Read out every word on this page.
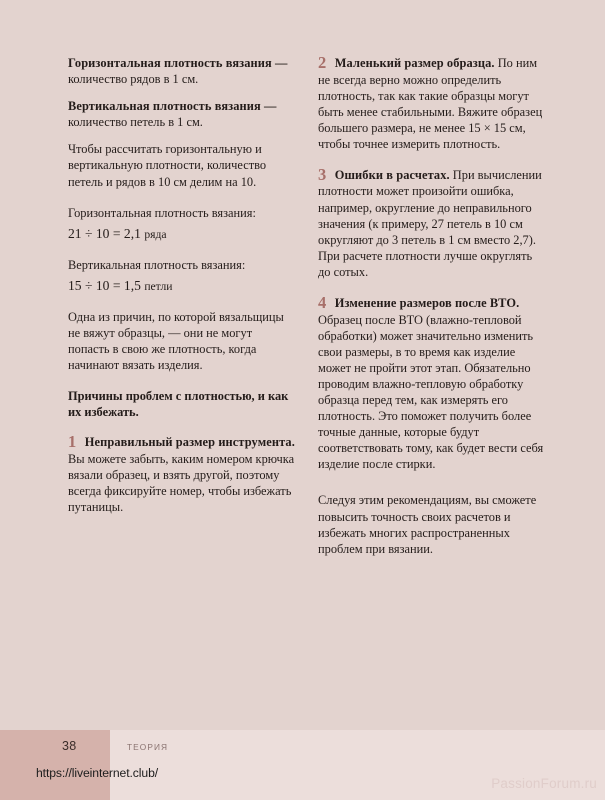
Горизонтальная плотность вязания — количество рядов в 1 см.

Вертикальная плотность вязания — количество петель в 1 см.

Чтобы рассчитать горизонтальную и вертикальную плотности, количество петель и рядов в 10 см делим на 10.

Горизонтальная плотность вязания:

21 ÷ 10 = 2,1 ряда

Вертикальная плотность вязания:

15 ÷ 10 = 1,5 петли

Одна из причин, по которой вязальщицы не вяжут образцы, — они не могут попасть в свою же плотность, когда начинают вязать изделия.

Причины проблем с плотностью, и как их избежать.

1 Неправильный размер инструмента. Вы можете забыть, каким номером крючка вязали образец, и взять другой, поэтому всегда фиксируйте номер, чтобы избежать путаницы.

2 Маленький размер образца. По ним не всегда верно можно определить плотность, так как такие образцы могут быть менее стабильными. Вяжите образец большего размера, не менее 15 × 15 см, чтобы точнее измерить плотность.

3 Ошибки в расчетах. При вычислении плотности может произойти ошибка, например, округление до неправильного значения (к примеру, 27 петель в 10 см округляют до 3 петель в 1 см вместо 2,7). При расчете плотности лучше округлять до сотых.

4 Изменение размеров после ВТО. Образец после ВТО (влажно-тепловой обработки) может значительно изменить свои размеры, в то время как изделие может не пройти этот этап. Обязательно проводим влажно-тепловую обработку образца перед тем, как измерять его плотность. Это поможет получить более точные данные, которые будут соответствовать тому, как будет вести себя изделие после стирки.

Следуя этим рекомендациям, вы сможете повысить точность своих расчетов и избежать многих распространенных проблем при вязании.

38	ТЕОРИЯ
https://liveinternet.club/
PassionForum.ru
